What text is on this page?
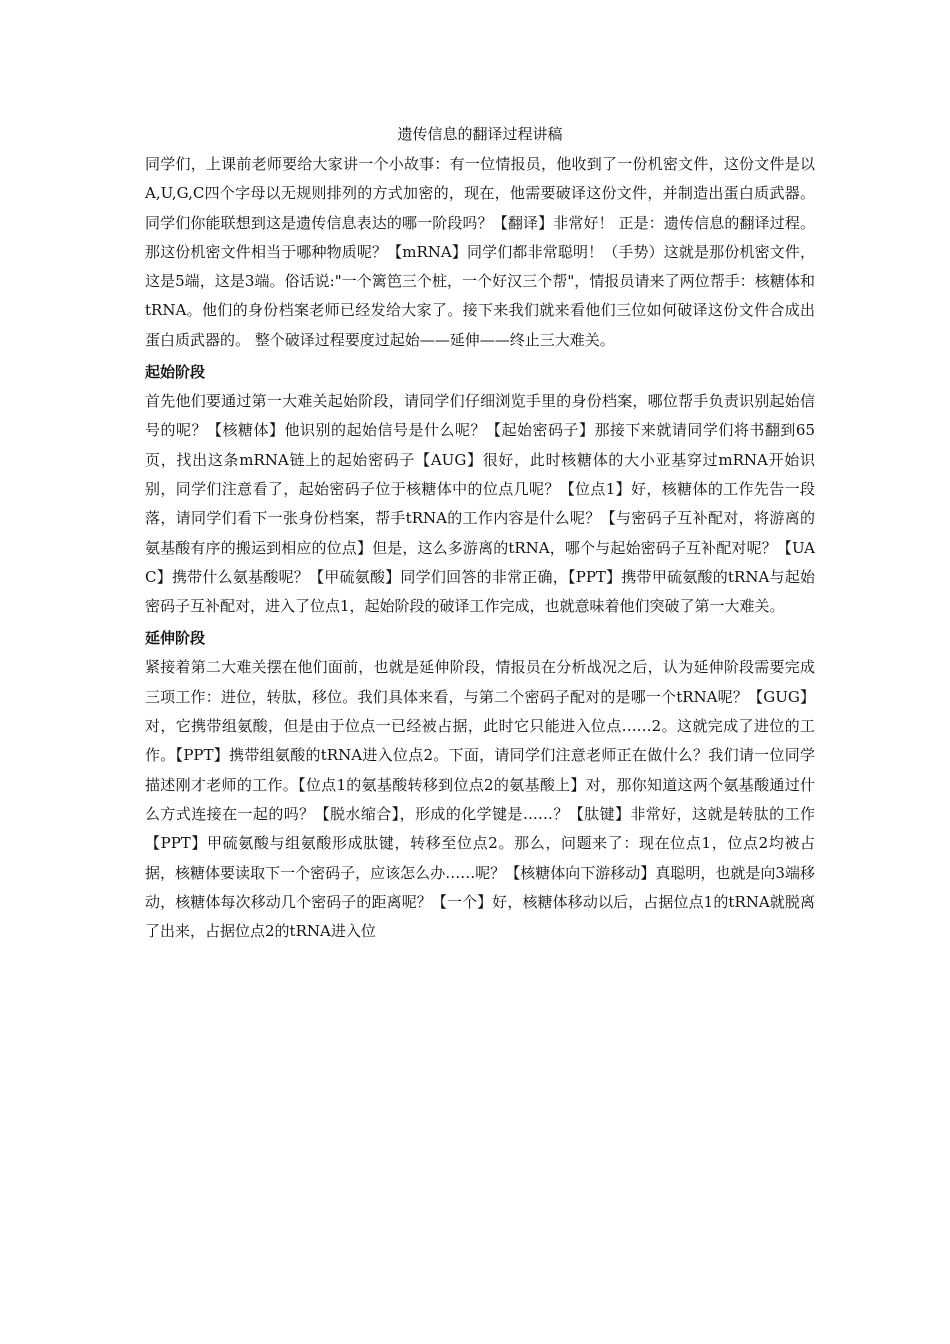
遗传信息的翻译过程讲稿

同学们，上课前老师要给大家讲一个小故事：有一位情报员，他收到了一份机密文件，这份文件是以A,U,G,C四个字母以无规则排列的方式加密的，现在，他需要破译这份文件，并制造出蛋白质武器。同学们你能联想到这是遗传信息表达的哪一阶段吗？【翻译】非常好！ 正是：遗传信息的翻译过程。那这份机密文件相当于哪种物质呢？【mRNA】同学们都非常聪明！（手势）这就是那份机密文件，这是5端，这是3端。俗话说:"一个篱笆三个桩，一个好汉三个帮"，情报员请来了两位帮手：核糖体和tRNA。他们的身份档案老师已经发给大家了。接下来我们就来看他们三位如何破译这份文件合成出蛋白质武器的。 整个破译过程要度过起始——延伸——终止三大难关。

起始阶段

首先他们要通过第一大难关起始阶段，请同学们仔细浏览手里的身份档案，哪位帮手负责识别起始信号的呢？【核糖体】他识别的起始信号是什么呢？【起始密码子】那接下来就请同学们将书翻到65页，找出这条mRNA链上的起始密码子【AUG】很好，此时核糖体的大小亚基穿过mRNA开始识别，同学们注意看了，起始密码子位于核糖体中的位点几呢？【位点1】好，核糖体的工作先告一段落，请同学们看下一张身份档案，帮手tRNA的工作内容是什么呢？【与密码子互补配对，将游离的氨基酸有序的搬运到相应的位点】但是，这么多游离的tRNA，哪个与起始密码子互补配对呢？【UAC】携带什么氨基酸呢？【甲硫氨酸】同学们回答的非常正确，【PPT】携带甲硫氨酸的tRNA与起始密码子互补配对，进入了位点1，起始阶段的破译工作完成，也就意味着他们突破了第一大难关。

延伸阶段

紧接着第二大难关摆在他们面前，也就是延伸阶段，情报员在分析战况之后，认为延伸阶段需要完成三项工作：进位，转肽，移位。我们具体来看，与第二个密码子配对的是哪一个tRNA呢？【GUG】对，它携带组氨酸，但是由于位点一已经被占据，此时它只能进入位点……2。这就完成了进位的工作。【PPT】携带组氨酸的tRNA进入位点2。下面，请同学们注意老师正在做什么？我们请一位同学描述刚才老师的工作。【位点1的氨基酸转移到位点2的氨基酸上】对，那你知道这两个氨基酸通过什么方式连接在一起的吗？【脱水缩合】，形成的化学键是……？【肽键】非常好，这就是转肽的工作【PPT】甲硫氨酸与组氨酸形成肽键，转移至位点2。那么，问题来了：现在位点1，位点2均被占据，核糖体要读取下一个密码子，应该怎么办……呢？【核糖体向下游移动】真聪明，也就是向3端移动，核糖体每次移动几个密码子的距离呢？【一个】好，核糖体移动以后，占据位点1的tRNA就脱离了出来，占据位点2的tRNA进入位
